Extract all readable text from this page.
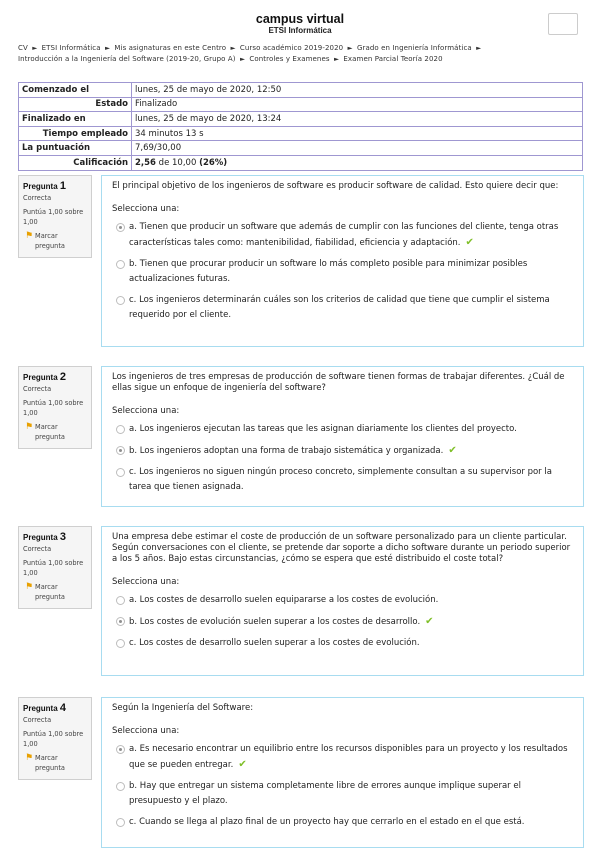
campus virtual
ETSI Informática
CV ► ETSI Informática ► Mis asignaturas en este Centro ► Curso académico 2019-2020 ► Grado en Ingeniería Informática ►
Introducción a la Ingeniería del Software (2019-20, Grupo A) ► Controles y Examenes ► Examen Parcial Teoría 2020
Comenzado el	lunes, 25 de mayo de 2020, 12:50
Estado	Finalizado
Finalizado en	lunes, 25 de mayo de 2020, 13:24
Tiempo empleado	34 minutos 13 s
La puntuación	7,69/30,00
Calificación	2,56 de 10,00 (26%)
Pregunta 1
Correcta
Puntúa 1,00 sobre 1,00
⚑ Marcar pregunta
El principal objetivo de los ingenieros de software es producir software de calidad. Esto quiere decir que:
Selecciona una:
a. Tienen que producir un software que además de cumplir con las funciones del cliente, tenga otras características tales como: mantenibilidad, fiabilidad, eficiencia y adaptación. ✔
b. Tienen que procurar producir un software lo más completo posible para minimizar posibles actualizaciones futuras.
c. Los ingenieros determinarán cuáles son los criterios de calidad que tiene que cumplir el sistema requerido por el cliente.
Pregunta 2
Correcta
Puntúa 1,00 sobre 1,00
⚑ Marcar pregunta
Los ingenieros de tres empresas de producción de software tienen formas de trabajar diferentes. ¿Cuál de ellas sigue un enfoque de ingeniería del software?
Selecciona una:
a. Los ingenieros ejecutan las tareas que les asignan diariamente los clientes del proyecto.
b. Los ingenieros adoptan una forma de trabajo sistemática y organizada. ✔
c. Los ingenieros no siguen ningún proceso concreto, simplemente consultan a su supervisor por la tarea que tienen asignada.
Pregunta 3
Correcta
Puntúa 1,00 sobre 1,00
⚑ Marcar pregunta
Una empresa debe estimar el coste de producción de un software personalizado para un cliente particular. Según conversaciones con el cliente, se pretende dar soporte a dicho software durante un periodo superior a los 5 años. Bajo estas circunstancias, ¿cómo se espera que esté distribuido el coste total?
Selecciona una:
a. Los costes de desarrollo suelen equipararse a los costes de evolución.
b. Los costes de evolución suelen superar a los costes de desarrollo. ✔
c. Los costes de desarrollo suelen superar a los costes de evolución.
Pregunta 4
Correcta
Puntúa 1,00 sobre 1,00
⚑ Marcar pregunta
Según la Ingeniería del Software:
Selecciona una:
a. Es necesario encontrar un equilibrio entre los recursos disponibles para un proyecto y los resultados que se pueden entregar. ✔
b. Hay que entregar un sistema completamente libre de errores aunque implique superar el presupuesto y el plazo.
c. Cuando se llega al plazo final de un proyecto hay que cerrarlo en el estado en el que está.
